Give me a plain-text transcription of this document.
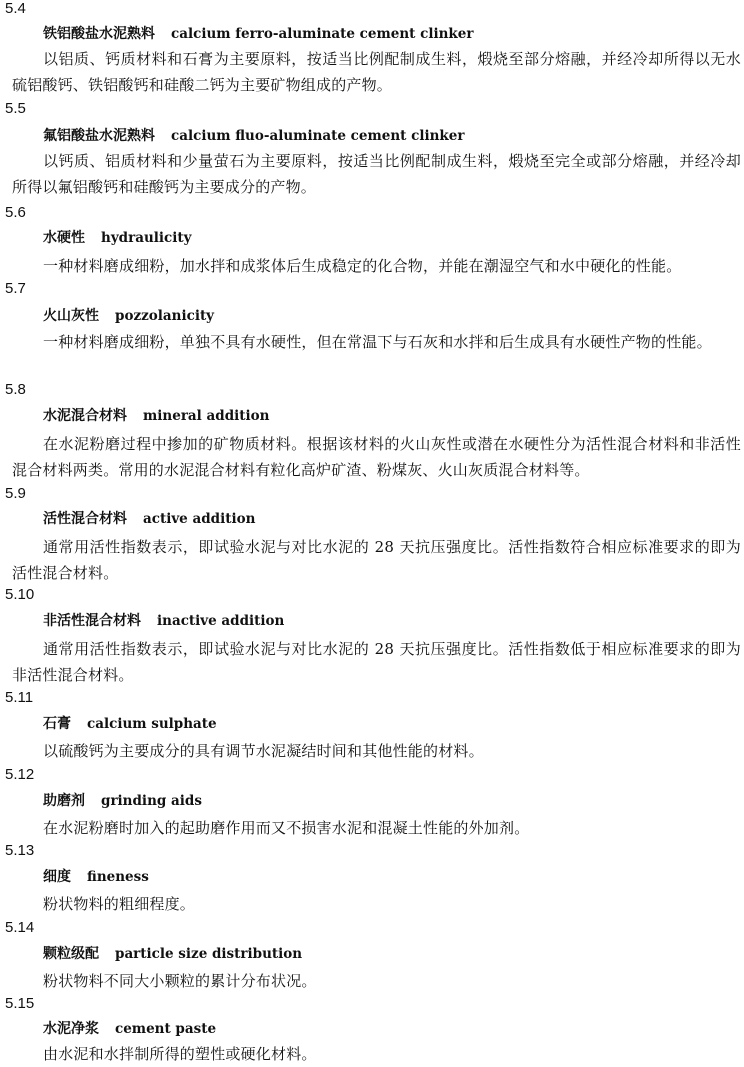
5.4
铁铝酸盐水泥熟料 calcium ferro-aluminate cement clinker

以铝质、钙质材料和石膏为主要原料，按适当比例配制成生料，煅烧至部分熔融，并经冷却所得以无水硫铝酸钙、铁铝酸钙和硅酸二钙为主要矿物组成的产物。

5.5
氟铝酸盐水泥熟料 calcium fluo-aluminate cement clinker

以钙质、铝质材料和少量萤石为主要原料，按适当比例配制成生料，煅烧至完全或部分熔融，并经冷却所得以氟铝酸钙和硅酸钙为主要成分的产物。

5.6
水硬性 hydraulicity

一种材料磨成细粉，加水拌和成浆体后生成稳定的化合物，并能在潮湿空气和水中硬化的性能。

5.7
火山灰性 pozzolanicity

一种材料磨成细粉，单独不具有水硬性，但在常温下与石灰和水拌和后生成具有水硬性产物的性能。

5.8
水泥混合材料 mineral addition

在水泥粉磨过程中掺加的矿物质材料。根据该材料的火山灰性或潜在水硬性分为活性混合材料和非活性混合材料两类。常用的水泥混合材料有粒化高炉矿渣、粉煤灰、火山灰质混合材料等。

5.9
活性混合材料 active addition

通常用活性指数表示，即试验水泥与对比水泥的 28 天抗压强度比。活性指数符合相应标准要求的即为活性混合材料。

5.10
非活性混合材料 inactive addition

通常用活性指数表示，即试验水泥与对比水泥的 28 天抗压强度比。活性指数低于相应标准要求的即为非活性混合材料。

5.11
石膏 calcium sulphate

以硫酸钙为主要成分的具有调节水泥凝结时间和其他性能的材料。

5.12
助磨剂 grinding aids

在水泥粉磨时加入的起助磨作用而又不损害水泥和混凝土性能的外加剂。

5.13
细度 fineness

粉状物料的粗细程度。

5.14
颗粒级配 particle size distribution

粉状物料不同大小颗粒的累计分布状况。

5.15
水泥净浆 cement paste

由水泥和水拌制所得的塑性或硬化材料。
